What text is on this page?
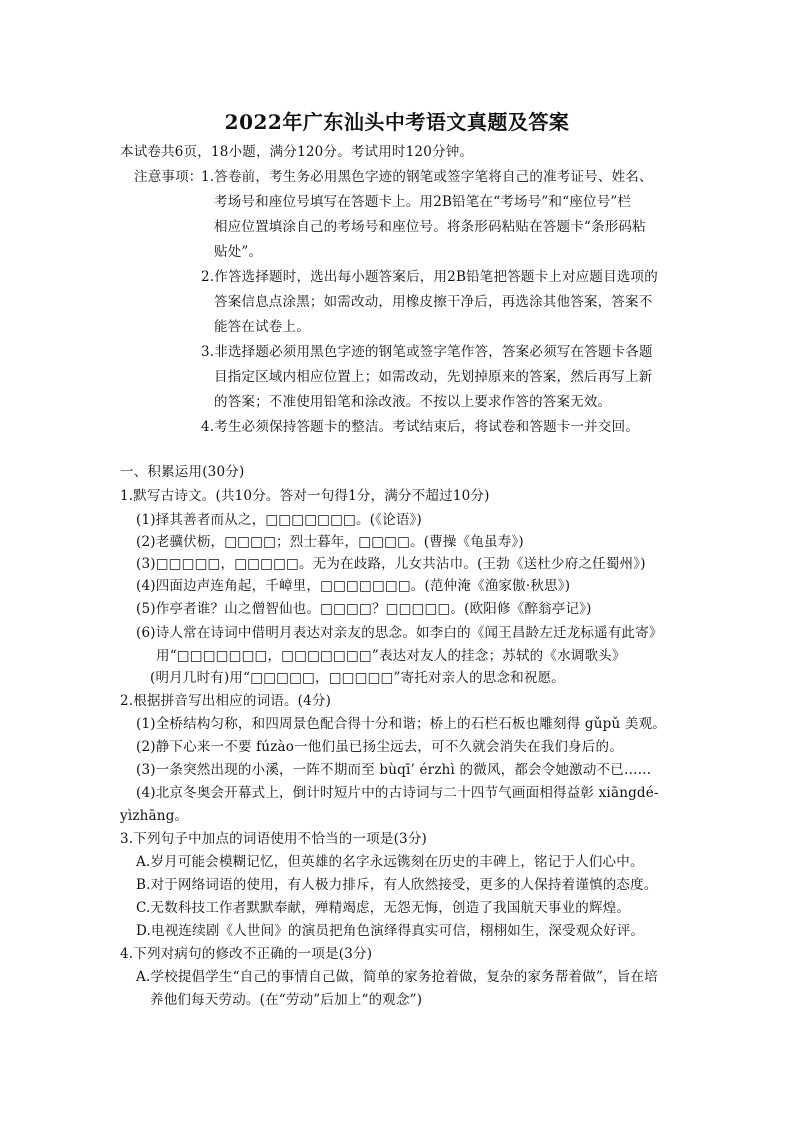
2022年广东汕头中考语文真题及答案
本试卷共6页，18小题，满分120分。考试用时120分钟。
注意事项：
1.答卷前，考生务必用黑色字迹的钢笔或签字笔将自己的准考证号、姓名、
考场号和座位号填写在答题卡上。用2B铅笔在“考场号”和“座位号”栏
相应位置填涂自己的考场号和座位号。将条形码粘贴在答题卡“条形码粘
贴处”。
2.作答选择题时，选出每小题答案后，用2B铅笔把答题卡上对应题目选项的
答案信息点涂黑；如需改动，用橡皮擦干净后，再选涂其他答案，答案不
能答在试卷上。
3.非选择题必须用黑色字迹的钢笔或签字笔作答，答案必须写在答题卡各题
目指定区域内相应位置上；如需改动，先划掉原来的答案，然后再写上新
的答案；不准使用铅笔和涂改液。不按以上要求作答的答案无效。
4.考生必须保持答题卡的整洁。考试结束后，将试卷和答题卡一并交回。
一、积累运用(30分)
1.默写古诗文。(共10分。答对一句得1分，满分不超过10分)
(1)择其善者而从之，□□□□□□□。(《论语》)
(2)老骥伏枥，□□□□；烈士暮年，□□□□。(曹操《龟虽寿》)
(3)□□□□□，□□□□□。无为在歧路，儿女共沾巾。(王勃《送杜少府之任蜀州》)
(4)四面边声连角起，千嶂里，□□□□□□□。(范仲淹《渔家傲·秋思》)
(5)作亭者谁？山之僧智仙也。□□□□？□□□□□。(欧阳修《醉翁亭记》)
(6)诗人常在诗词中借明月表达对亲友的思念。如李白的《闻王昌龄左迁龙标遥有此寄》
用“□□□□□□□，□□□□□□□”表达对友人的挂念；苏轼的《水调歌头》
(明月几时有)用“□□□□□，□□□□□”寄托对亲人的思念和祝愿。
2.根据拼音写出相应的词语。(4分)
(1)全桥结构匀称，和四周景色配合得十分和谐；桥上的石栏石板也雕刻得 gǔpǔ 美观。
(2)静下心来一不要 fúzào一他们虽已扬尘远去，可不久就会消失在我们身后的。
(3)一条突然出现的小溪，一阵不期而至 bùqī’ érzhì 的微风，都会令她激动不已……
(4)北京冬奥会开幕式上，倒计时短片中的古诗词与二十四节气画面相得益彰 xiāngdé-
yìzhāng。
3.下列句子中加点的词语使用不恰当的一项是(3分)
A.岁月可能会模糊记忆，但英雄的名字永远镌刻在历史的丰碑上，铭记于人们心中。
B.对于网络词语的使用，有人极力排斥，有人欣然接受，更多的人保持着谨慎的态度。
C.无数科技工作者默默奉献，殚精竭虑，无怨无悔，创造了我国航天事业的辉煌。
D.电视连续剧《人世间》的演员把角色演绎得真实可信，栩栩如生，深受观众好评。
4.下列对病句的修改不正确的一项是(3分)
A.学校提倡学生“自己的事情自己做，简单的家务抢着做，复杂的家务帮着做”，旨在培
养他们每天劳动。(在“劳动”后加上“的观念”)
